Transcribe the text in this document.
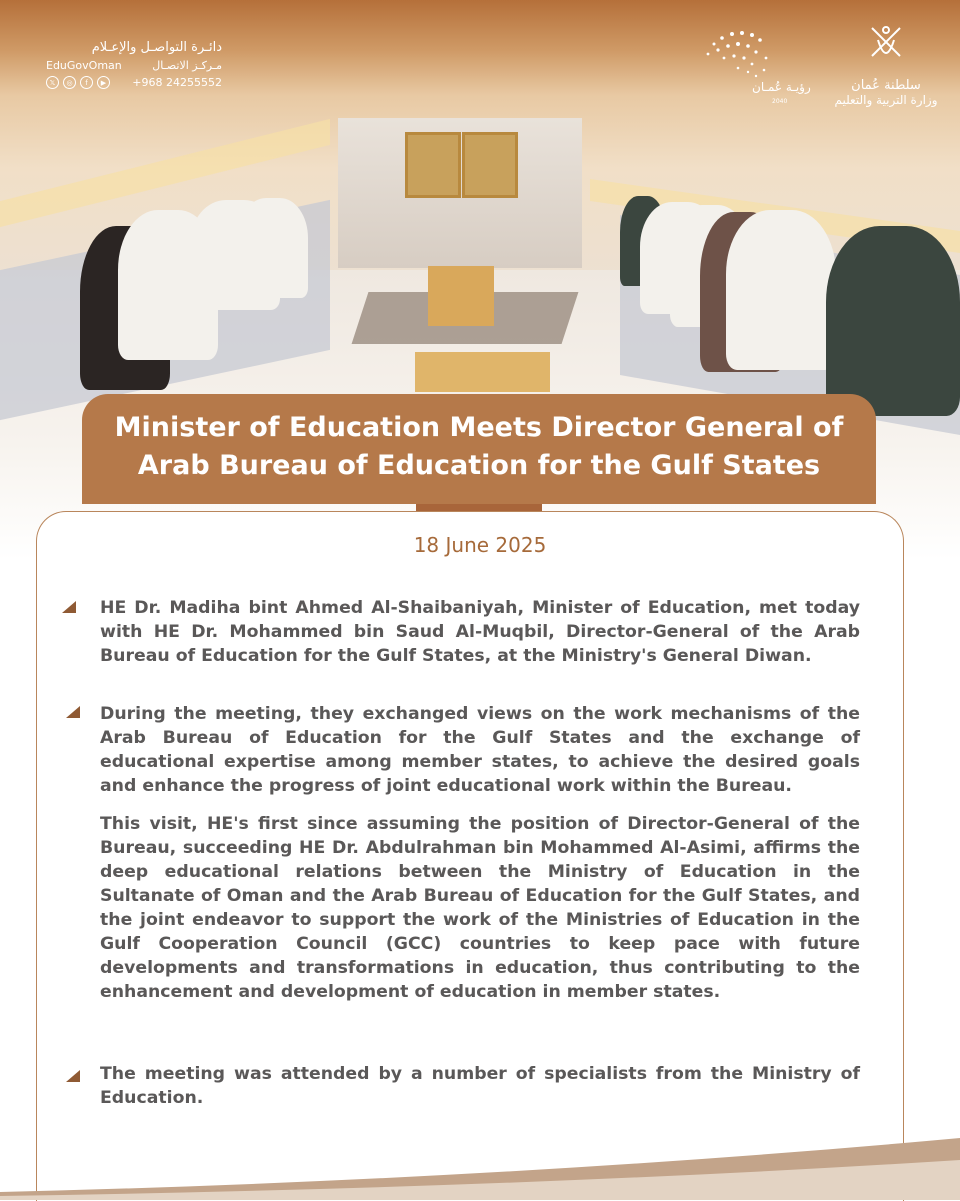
دائـرة التواصـل والإعـلام
EduGovOman	مـركـز الاتصـال
𝕏	◎	f	▶	+968 24255552	رؤيـة عُمـان
2040
سلطنة عُمان
وزارة التربية والتعليم
Minister of Education Meets Director General of Arab Bureau of Education for the Gulf States
18 June 2025
HE Dr. Madiha bint Ahmed Al-Shaibaniyah, Minister of Education, met today with HE Dr. Mohammed bin Saud Al-Muqbil, Director-General of the Arab Bureau of Education for the Gulf States, at the Ministry's General Diwan.
During the meeting, they exchanged views on the work mechanisms of the Arab Bureau of Education for the Gulf States and the exchange of educational expertise among member states, to achieve the desired goals and enhance the progress of joint educational work within the Bureau.
This visit, HE's first since assuming the position of Director-General of the Bureau, succeeding HE Dr. Abdulrahman bin Mohammed Al-Asimi, affirms the deep educational relations between the Ministry of Education in the Sultanate of Oman and the Arab Bureau of Education for the Gulf States, and the joint endeavor to support the work of the Ministries of Education in the Gulf Cooperation Council (GCC) countries to keep pace with future developments and transformations in education, thus contributing to the enhancement and development of education in member states.
The meeting was attended by a number of specialists from the Ministry of Education.
